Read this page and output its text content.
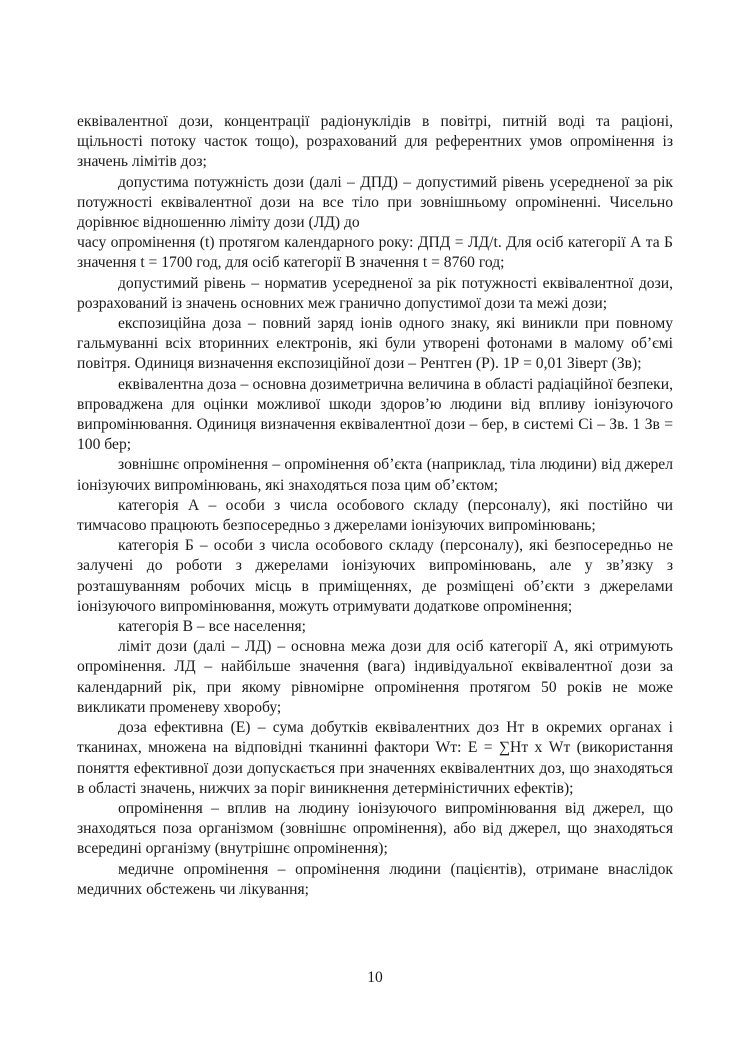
еквівалентної дози, концентрації радіонуклідів в повітрі, питній воді та раціоні, щільності потоку часток тощо), розрахований для референтних умов опромінення із значень лімітів доз;

допустима потужність дози (далі – ДПД) – допустимий рівень усередненої за рік потужності еквівалентної дози на все тіло при зовнішньому опроміненні. Чисельно дорівнює відношенню ліміту дози (ЛД) до

часу опромінення (t) протягом календарного року: ДПД = ЛД/t. Для осіб категорії А та Б значення t = 1700 год, для осіб категорії В значення t = 8760 год;

допустимий рівень – норматив усередненої за рік потужності еквівалентної дози, розрахований із значень основних меж гранично допустимої дози та межі дози;

експозиційна доза – повний заряд іонів одного знаку, які виникли при повному гальмуванні всіх вторинних електронів, які були утворені фотонами в малому об’ємі повітря. Одиниця визначення експозиційної дози – Рентген (Р). 1Р = 0,01 Зіверт (Зв);

еквівалентна доза – основна дозиметрична величина в області радіаційної безпеки, впроваджена для оцінки можливої шкоди здоров’ю людини від впливу іонізуючого випромінювання. Одиниця визначення еквівалентної дози – бер, в системі Сі – Зв. 1 Зв = 100 бер;

зовнішнє опромінення – опромінення об’єкта (наприклад, тіла людини) від джерел іонізуючих випромінювань, які знаходяться поза цим об’єктом;

категорія А – особи з числа особового складу (персоналу), які постійно чи тимчасово працюють безпосередньо з джерелами іонізуючих випромінювань;

категорія Б – особи з числа особового складу (персоналу), які безпосередньо не залучені до роботи з джерелами іонізуючих випромінювань, але у зв’язку з розташуванням робочих місць в приміщеннях, де розміщені об’єкти з джерелами іонізуючого випромінювання, можуть отримувати додаткове опромінення;

категорія В – все населення;

ліміт дози (далі – ЛД) – основна межа дози для осіб категорії А, які отримують опромінення. ЛД – найбільше значення (вага) індивідуальної еквівалентної дози за календарний рік, при якому рівномірне опромінення протягом 50 років не може викликати променеву хворобу;

доза ефективна (Е) – сума добутків еквівалентних доз Нт в окремих органах і тканинах, множена на відповідні тканинні фактори Wт: Е = ∑Нт х Wт (використання поняття ефективної дози допускається при значеннях еквівалентних доз, що знаходяться в області значень, нижчих за поріг виникнення детерміністичних ефектів);

опромінення – вплив на людину іонізуючого випромінювання від джерел, що знаходяться поза організмом (зовнішнє опромінення), або від джерел, що знаходяться всередині організму (внутрішнє опромінення);

медичне опромінення – опромінення людини (пацієнтів), отримане внаслідок медичних обстежень чи лікування;

10
